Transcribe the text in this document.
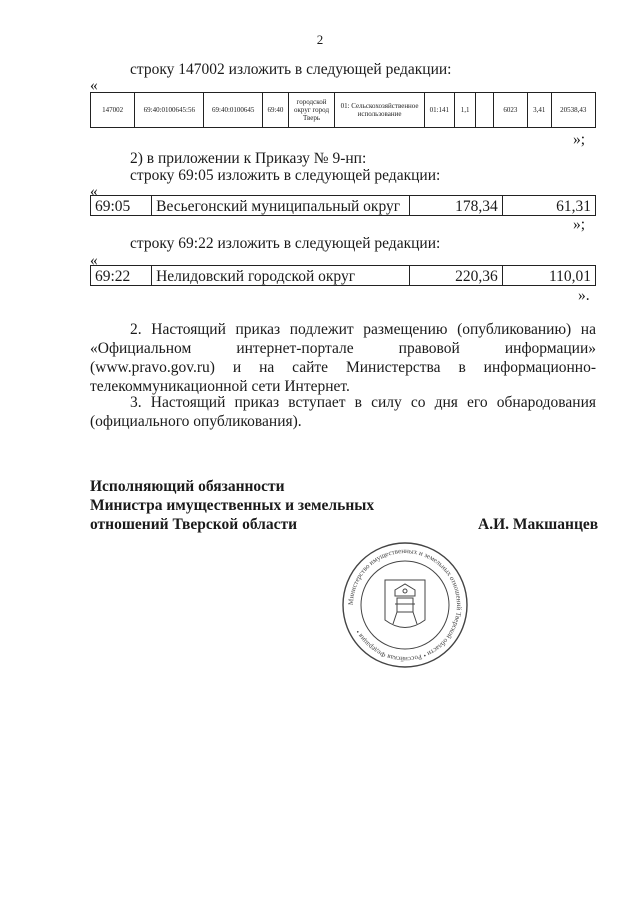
2
строку 147002 изложить в следующей редакции:
«
147002	69:40:0100645:56	69:40:0100645	69:40	городской округ город Тверь	01: Сельскохозяйственное использование	01:141	1,1		6023	3,41	20538,43
»;
2) в приложении к Приказу № 9-нп:
строку 69:05 изложить в следующей редакции:
«
69:05	Весьегонский муниципальный округ	178,34	61,31
»;
строку 69:22 изложить в следующей редакции:
«
69:22	Нелидовский городской округ	220,36	110,01
».
2. Настоящий приказ подлежит размещению (опубликованию) на «Официальном интернет-портале правовой информации» (www.pravo.gov.ru) и на сайте Министерства в информационно-телекоммуникационной сети Интернет.
3. Настоящий приказ вступает в силу со дня его обнародования (официального опубликования).
Исполняющий обязанности
Министра имущественных и земельных
отношений Тверской области	А.И. Макшанцев
Министерство имущественных и земельных отношений Тверской области • Российская Федерация •
